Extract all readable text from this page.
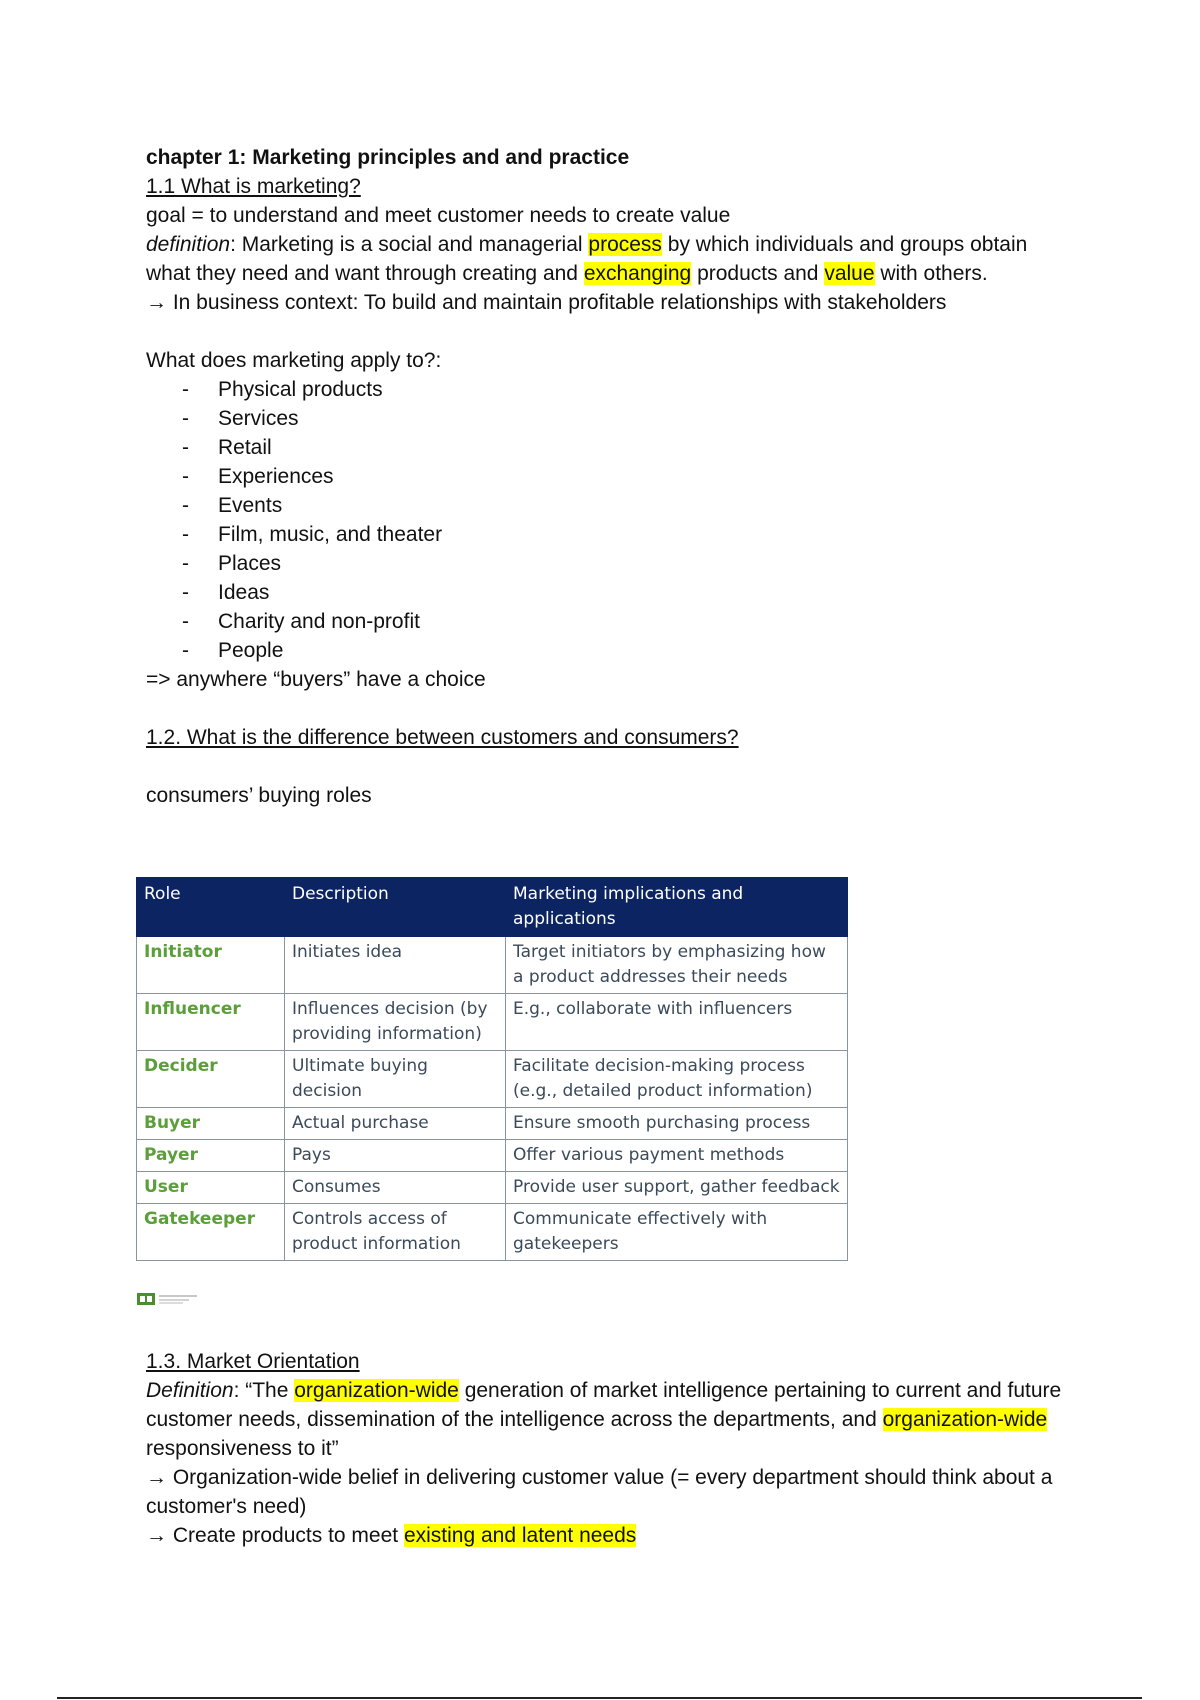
chapter 1: Marketing principles and and practice
1.1 What is marketing?
goal = to understand and meet customer needs to create value
definition: Marketing is a social and managerial process by which individuals and groups obtain what they need and want through creating and exchanging products and value with others.
→ In business context: To build and maintain profitable relationships with stakeholders
What does marketing apply to?:
- Physical products
- Services
- Retail
- Experiences
- Events
- Film, music, and theater
- Places
- Ideas
- Charity and non-profit
- People
=> anywhere “buyers” have a choice
1.2. What is the difference between customers and consumers?
consumers’ buying roles
Role	Description	Marketing implications and applications
Initiator	Initiates idea	Target initiators by emphasizing how a product addresses their needs
Influencer	Influences decision (by providing information)	E.g., collaborate with influencers
Decider	Ultimate buying decision	Facilitate decision-making process (e.g., detailed product information)
Buyer	Actual purchase	Ensure smooth purchasing process
Payer	Pays	Offer various payment methods
User	Consumes	Provide user support, gather feedback
Gatekeeper	Controls access of product information	Communicate effectively with gatekeepers
1.3. Market Orientation
Definition: “The organization-wide generation of market intelligence pertaining to current and future customer needs, dissemination of the intelligence across the departments, and organization-wide responsiveness to it”
→ Organization-wide belief in delivering customer value (= every department should think about a customer's need)
→ Create products to meet existing and latent needs
